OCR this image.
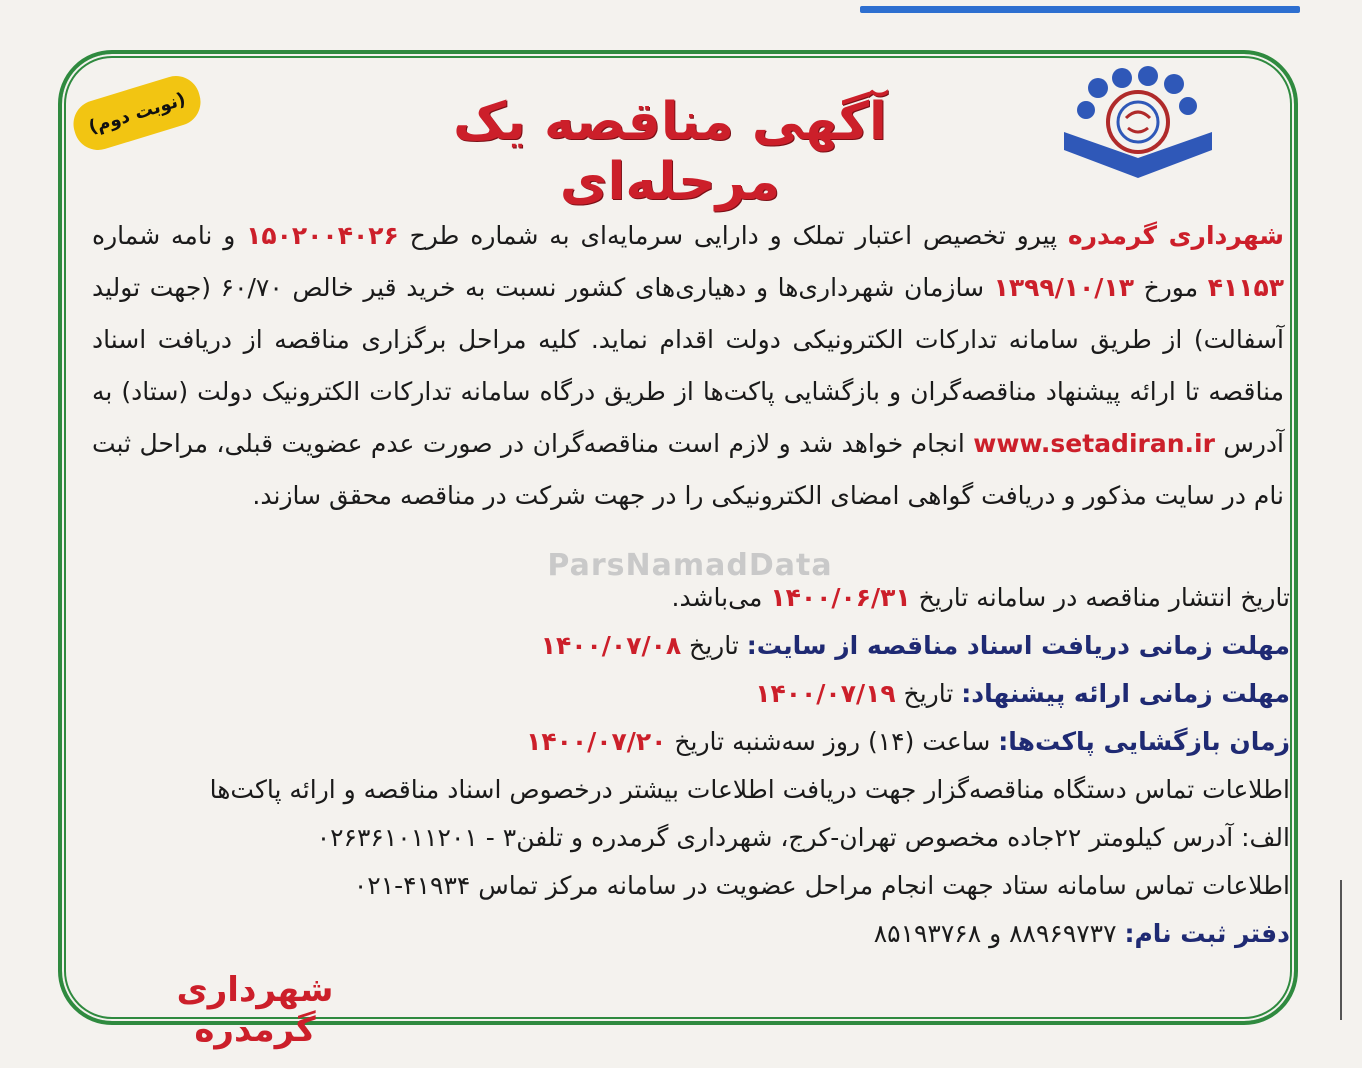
آگهی مناقصه یک مرحله‌ای
(نوبت دوم)
شهرداری گرمدره پیرو تخصیص اعتبار تملک و دارایی سرمایه‌ای به شماره طرح ۱۵۰۲۰۰۴۰۲۶ و نامه شماره ۴۱۱۵۳ مورخ ۱۳۹۹/۱۰/۱۳ سازمان شهرداری‌ها و دهیاری‌های کشور نسبت به خرید قیر خالص ۶۰/۷۰ (جهت تولید آسفالت) از طریق سامانه تدارکات الکترونیکی دولت اقدام نماید. کلیه مراحل برگزاری مناقصه از دریافت اسناد مناقصه تا ارائه پیشنهاد مناقصه‌گران و بازگشایی پاکت‌ها از طریق درگاه سامانه تدارکات الکترونیک دولت (ستاد) به آدرس www.setadiran.ir انجام خواهد شد و لازم است مناقصه‌گران در صورت عدم عضویت قبلی، مراحل ثبت نام در سایت مذکور و دریافت گواهی امضای الکترونیکی را در جهت شرکت در مناقصه محقق سازند.
ParsNamadData
تاریخ انتشار مناقصه در سامانه تاریخ ۱۴۰۰/۰۶/۳۱ می‌باشد.
مهلت زمانی دریافت اسناد مناقصه از سایت: تاریخ ۱۴۰۰/۰۷/۰۸
مهلت زمانی ارائه پیشنهاد: تاریخ ۱۴۰۰/۰۷/۱۹
زمان بازگشایی پاکت‌ها: ساعت (۱۴) روز سه‌شنبه تاریخ ۱۴۰۰/۰۷/۲۰
اطلاعات تماس دستگاه مناقصه‌گزار جهت دریافت اطلاعات بیشتر درخصوص اسناد مناقصه و ارائه پاکت‌ها
الف: آدرس کیلومتر ۲۲جاده مخصوص تهران-کرج، شهرداری گرمدره و تلفن۳ - ۰۲۶۳۶۱۰۱۱۲۰۱
اطلاعات تماس سامانه ستاد جهت انجام مراحل عضویت در سامانه مرکز تماس ۴۱۹۳۴-۰۲۱
دفتر ثبت نام: ۸۸۹۶۹۷۳۷ و ۸۵۱۹۳۷۶۸
شهرداری گرمدره
